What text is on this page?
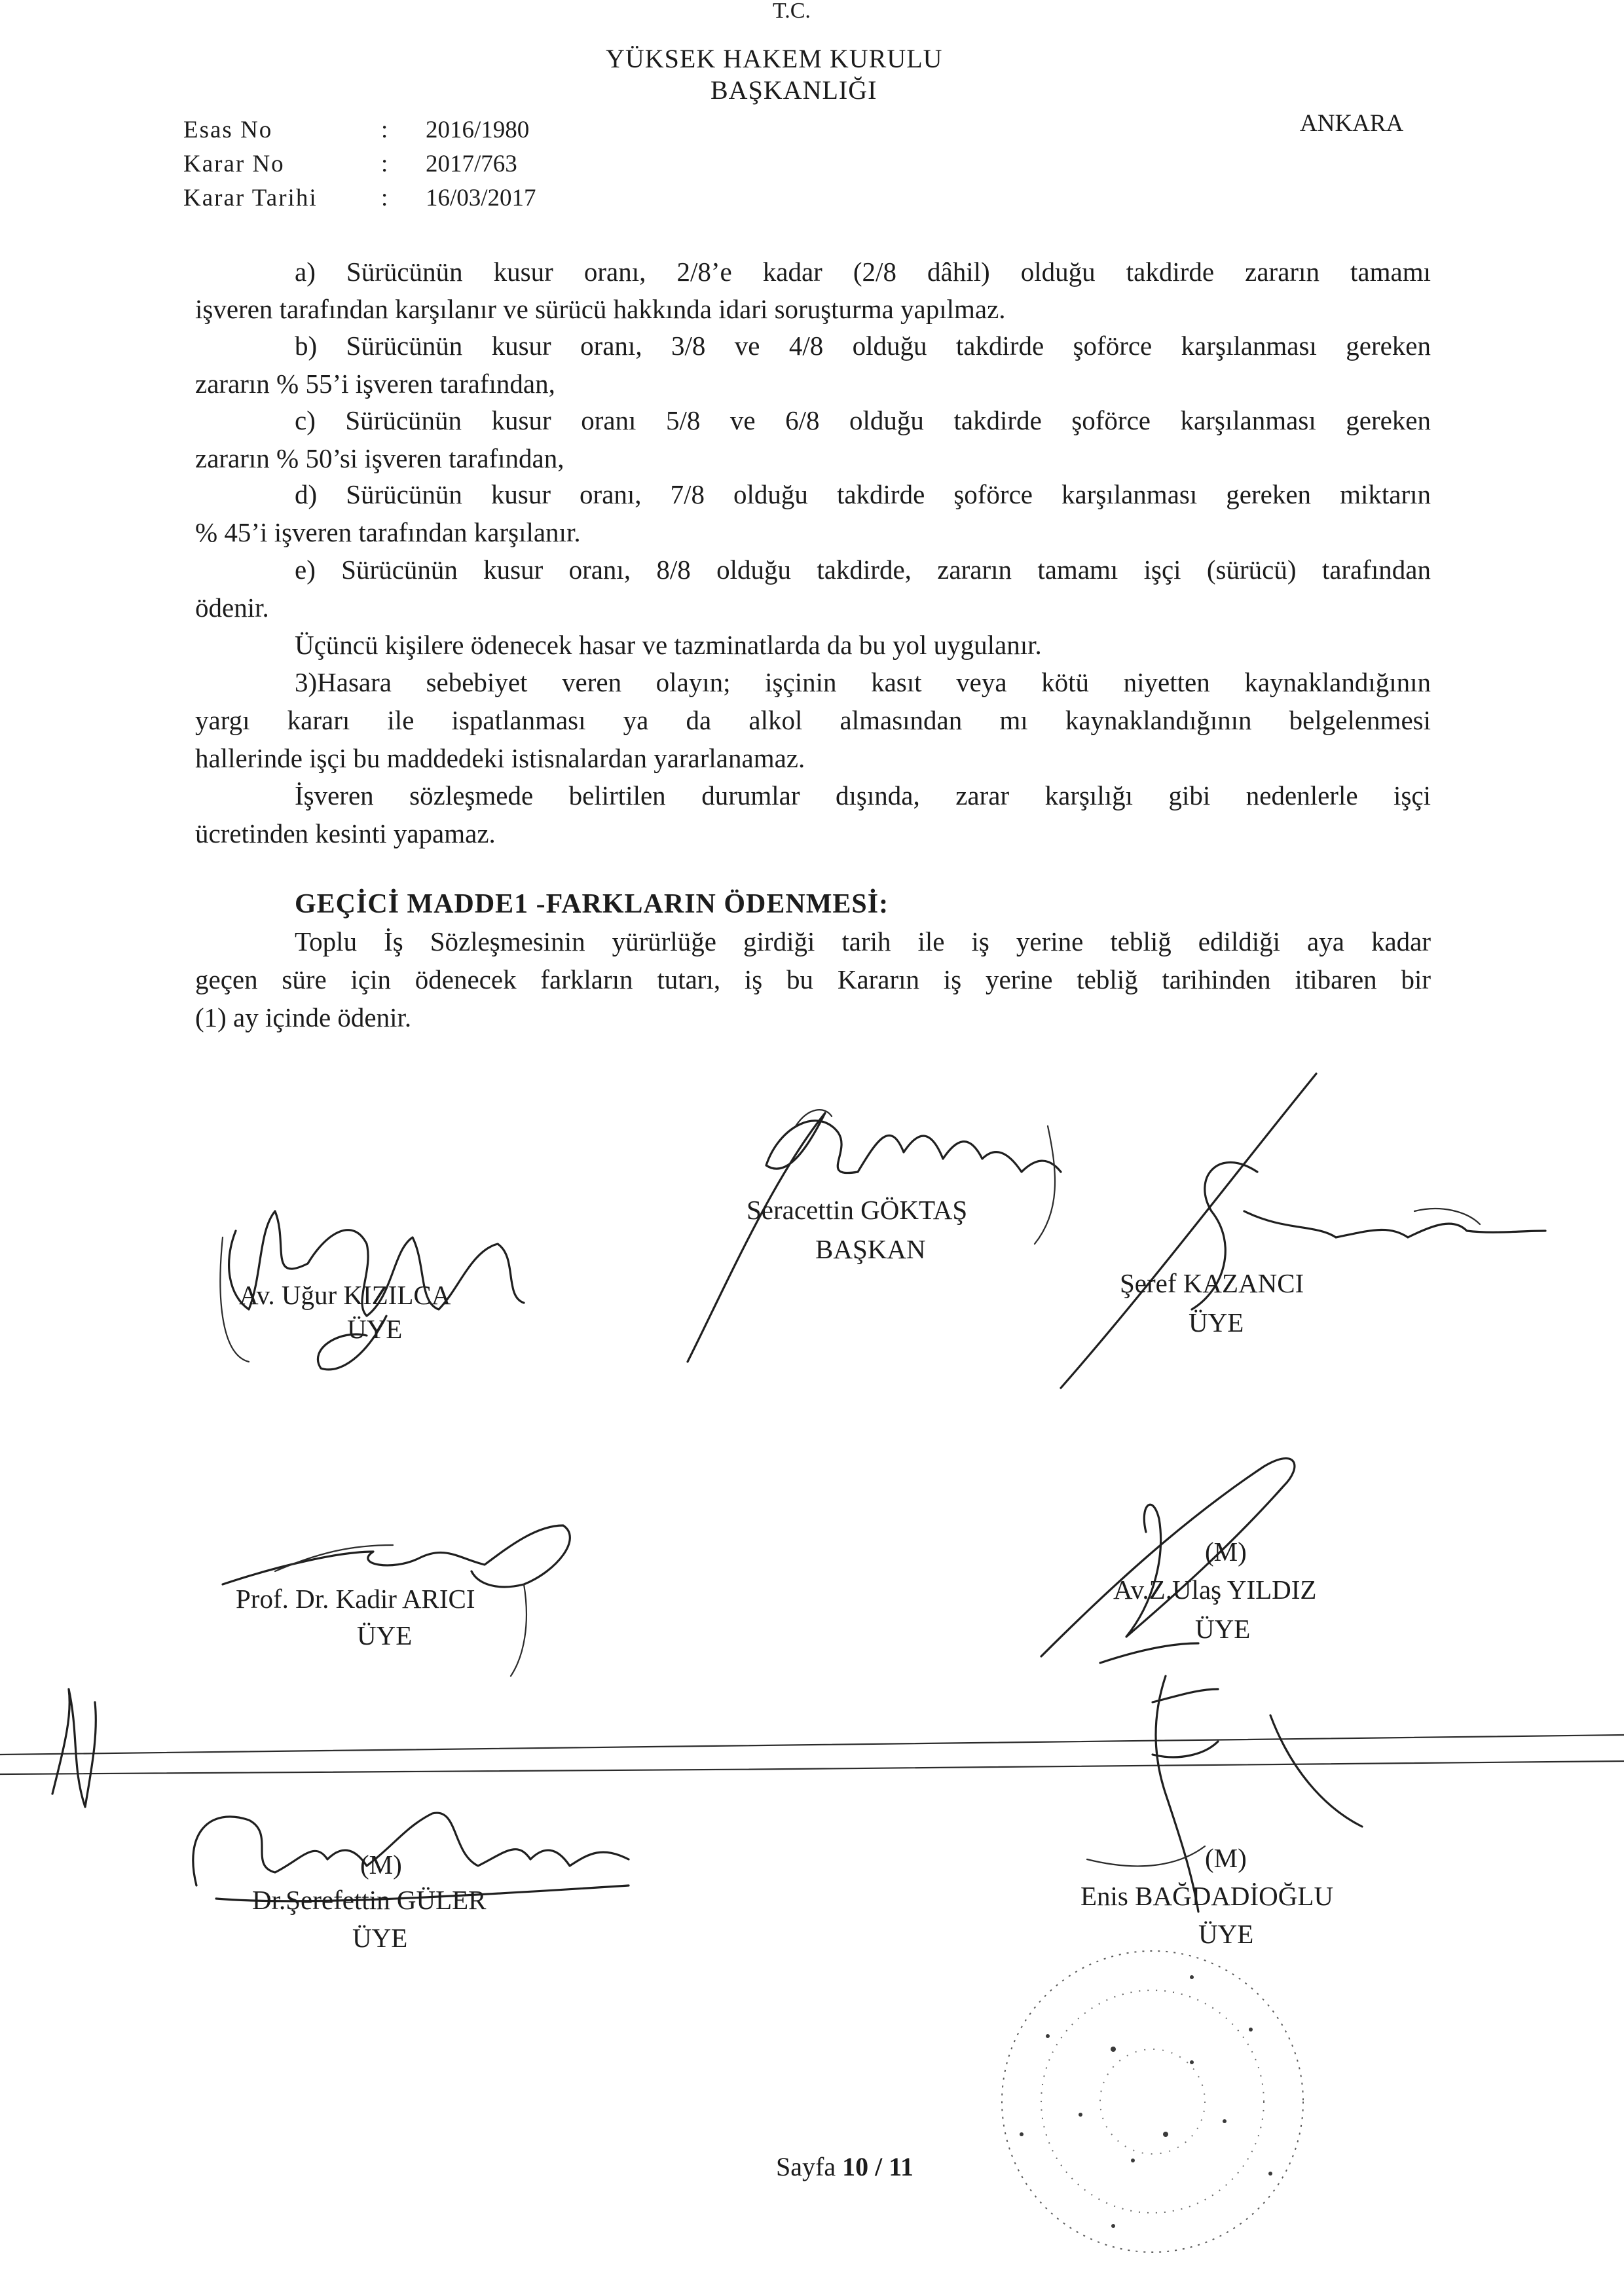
T.C.
YÜKSEK HAKEM KURULU
BAŞKANLIĞI
ANKARA
Esas No	: 2016/1980
Karar No	: 2017/763
Karar Tarihi	: 16/03/2017
a) Sürücünün kusur oranı, 2/8’e kadar (2/8 dâhil) olduğu takdirde zararın tamamı
işveren tarafından karşılanır ve sürücü hakkında idari soruşturma yapılmaz.
b) Sürücünün kusur oranı, 3/8 ve 4/8 olduğu takdirde şoförce karşılanması gereken
zararın % 55’i işveren tarafından,
c) Sürücünün kusur oranı 5/8 ve 6/8 olduğu takdirde şoförce karşılanması gereken
zararın % 50’si işveren tarafından,
d) Sürücünün kusur oranı, 7/8 olduğu takdirde şoförce karşılanması gereken miktarın
% 45’i işveren tarafından karşılanır.
e) Sürücünün kusur oranı, 8/8 olduğu takdirde, zararın tamamı işçi (sürücü) tarafından
ödenir.
Üçüncü kişilere ödenecek hasar ve tazminatlarda da bu yol uygulanır.
3)Hasara sebebiyet veren olayın; işçinin kasıt veya kötü niyetten kaynaklandığının
yargı kararı ile ispatlanması ya da alkol almasından mı kaynaklandığının belgelenmesi
hallerinde işçi bu maddedeki istisnalardan yararlanamaz.
İşveren sözleşmede belirtilen durumlar dışında, zarar karşılığı gibi nedenlerle işçi
ücretinden kesinti yapamaz.
GEÇİCİ MADDE1 -FARKLARIN ÖDENMESİ:
Toplu İş Sözleşmesinin yürürlüğe girdiği tarih ile iş yerine tebliğ edildiği aya kadar
geçen süre için ödenecek farkların tutarı, iş bu Kararın iş yerine tebliğ tarihinden itibaren bir
(1) ay içinde ödenir.
Seracettin GÖKTAŞ
BAŞKAN
Av. Uğur KIZILCA
ÜYE
Şeref KAZANCI
ÜYE
Prof. Dr. Kadir ARICI
ÜYE
(M)
Av.Z.Ulaş YILDIZ
ÜYE
(M)
Dr.Şerefettin GÜLER
ÜYE
(M)
Enis BAĞDADİOĞLU
ÜYE
Sayfa 10 / 11
